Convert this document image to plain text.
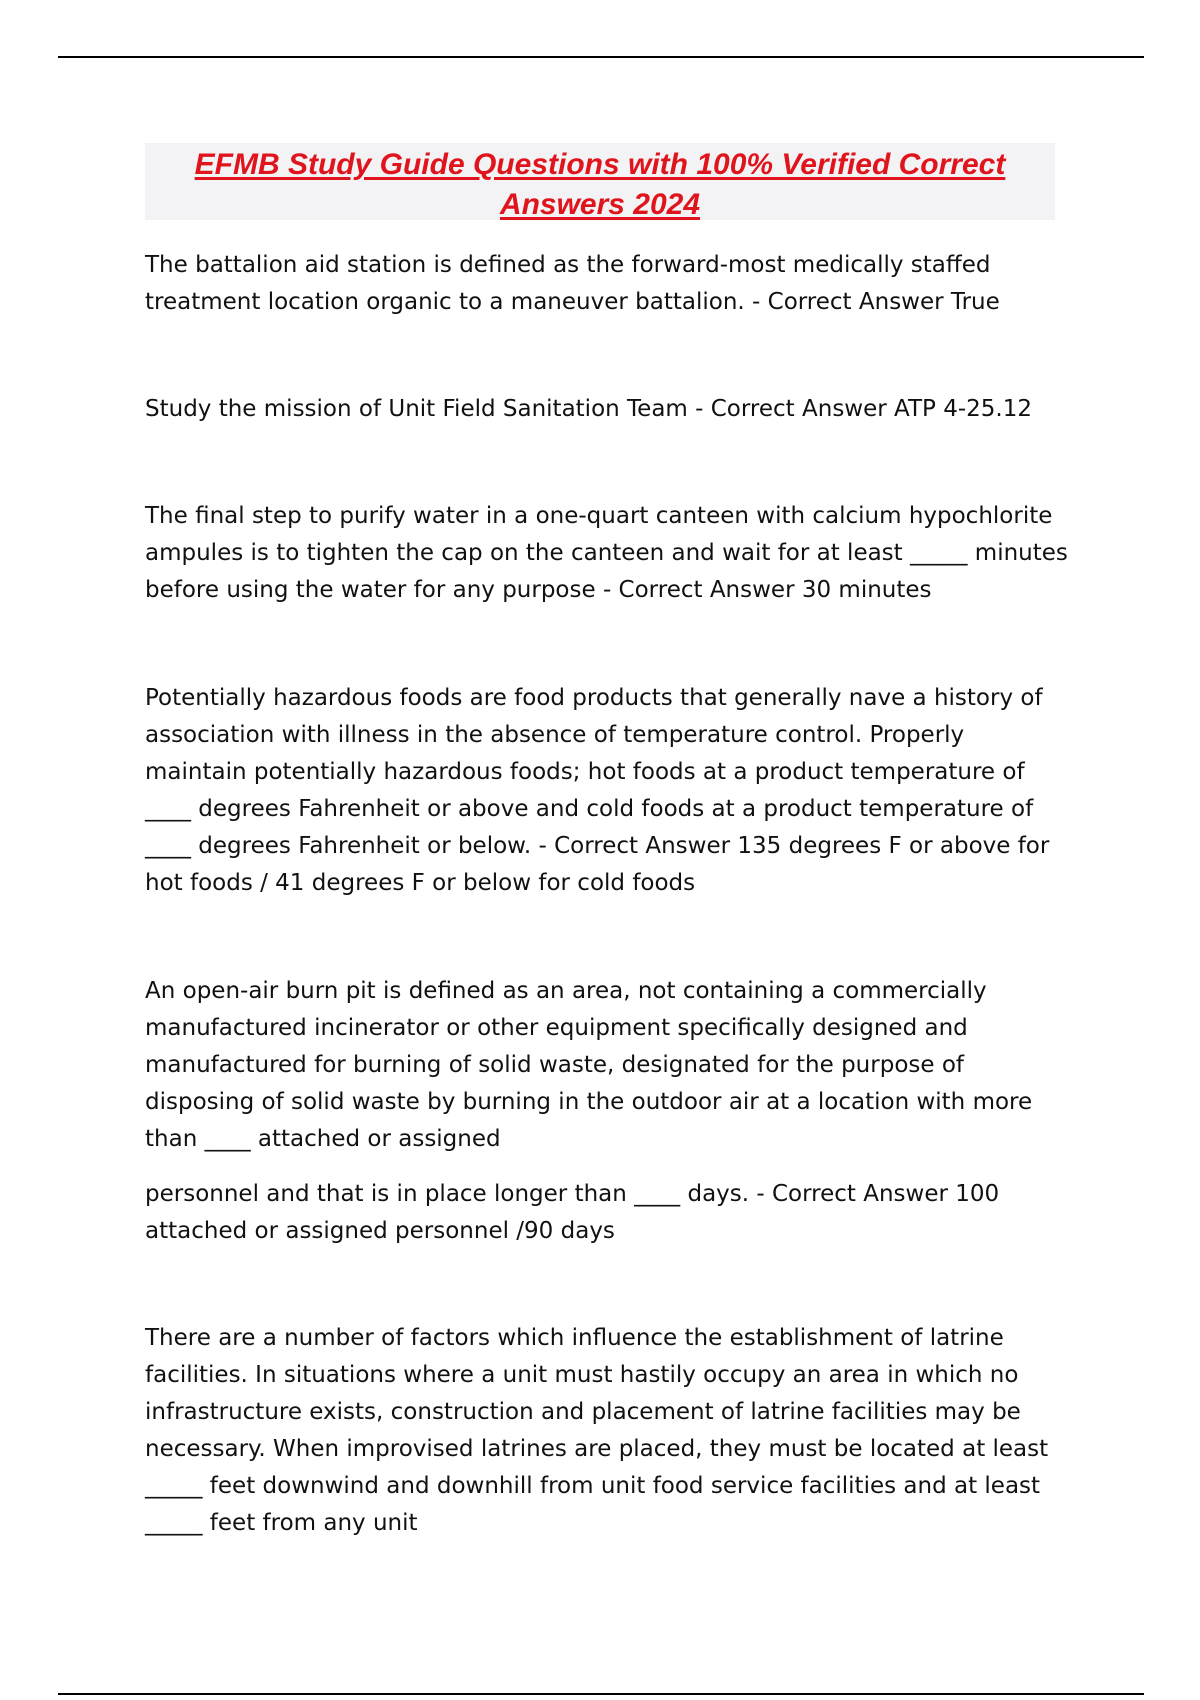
EFMB Study Guide Questions with 100% Verified Correct
Answers 2024
The battalion aid station is defined as the forward-most medically staffed
treatment location organic to a maneuver battalion. - Correct Answer True
Study the mission of Unit Field Sanitation Team - Correct Answer ATP 4-25.12
The final step to purify water in a one-quart canteen with calcium hypochlorite
ampules is to tighten the cap on the canteen and wait for at least _____ minutes
before using the water for any purpose - Correct Answer 30 minutes
Potentially hazardous foods are food products that generally nave a history of
association with illness in the absence of temperature control. Properly
maintain potentially hazardous foods; hot foods at a product temperature of
____ degrees Fahrenheit or above and cold foods at a product temperature of
____ degrees Fahrenheit or below. - Correct Answer 135 degrees F or above for
hot foods / 41 degrees F or below for cold foods
An open-air burn pit is defined as an area, not containing a commercially
manufactured incinerator or other equipment specifically designed and
manufactured for burning of solid waste, designated for the purpose of
disposing of solid waste by burning in the outdoor air at a location with more
than ____ attached or assigned
personnel and that is in place longer than ____ days. - Correct Answer 100
attached or assigned personnel /90 days
There are a number of factors which influence the establishment of latrine
facilities. In situations where a unit must hastily occupy an area in which no
infrastructure exists, construction and placement of latrine facilities may be
necessary. When improvised latrines are placed, they must be located at least
_____ feet downwind and downhill from unit food service facilities and at least
_____ feet from any unit
